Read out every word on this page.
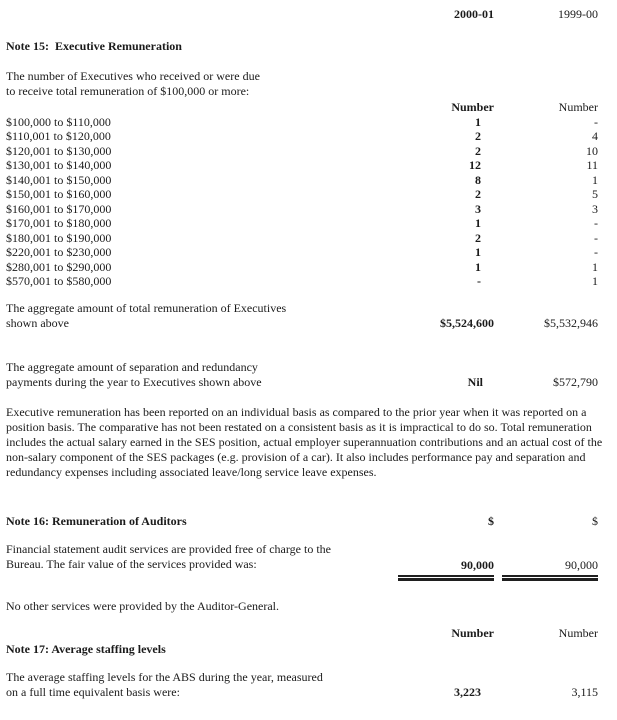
2000-01	1999-00
Note 15:  Executive Remuneration
The number of Executives who received or were due
to receive total remuneration of $100,000 or more:
Number	Number
$100,000 to $110,000	1	-
$110,001 to $120,000	2	4
$120,001 to $130,000	2	10
$130,001 to $140,000	12	11
$140,001 to $150,000	8	1
$150,001 to $160,000	2	5
$160,001 to $170,000	3	3
$170,001 to $180,000	1	-
$180,001 to $190,000	2	-
$220,001 to $230,000	1	-
$280,001 to $290,000	1	1
$570,001 to $580,000	-	1
The aggregate amount of total remuneration of Executives
shown above	$5,524,600	$5,532,946
The aggregate amount of separation and redundancy
payments during the year to Executives shown above	Nil	$572,790
Executive remuneration has been reported on an individual basis as compared to the prior year when it was reported on a position basis. The comparative has not been restated on a consistent basis as it is impractical to do so. Total remuneration includes the actual salary earned in the SES position, actual employer superannuation contributions and an actual cost of the non-salary component of the SES packages (e.g. provision of a car). It also includes performance pay and separation and redundancy expenses including associated leave/long service leave expenses.
Note 16: Remuneration of Auditors	$	$
Financial statement audit services are provided free of charge to the
Bureau. The fair value of the services provided was:	90,000	90,000
No other services were provided by the Auditor-General.
Number	Number
Note 17: Average staffing levels
The average staffing levels for the ABS during the year, measured
on a full time equivalent basis were:	3,223	3,115
